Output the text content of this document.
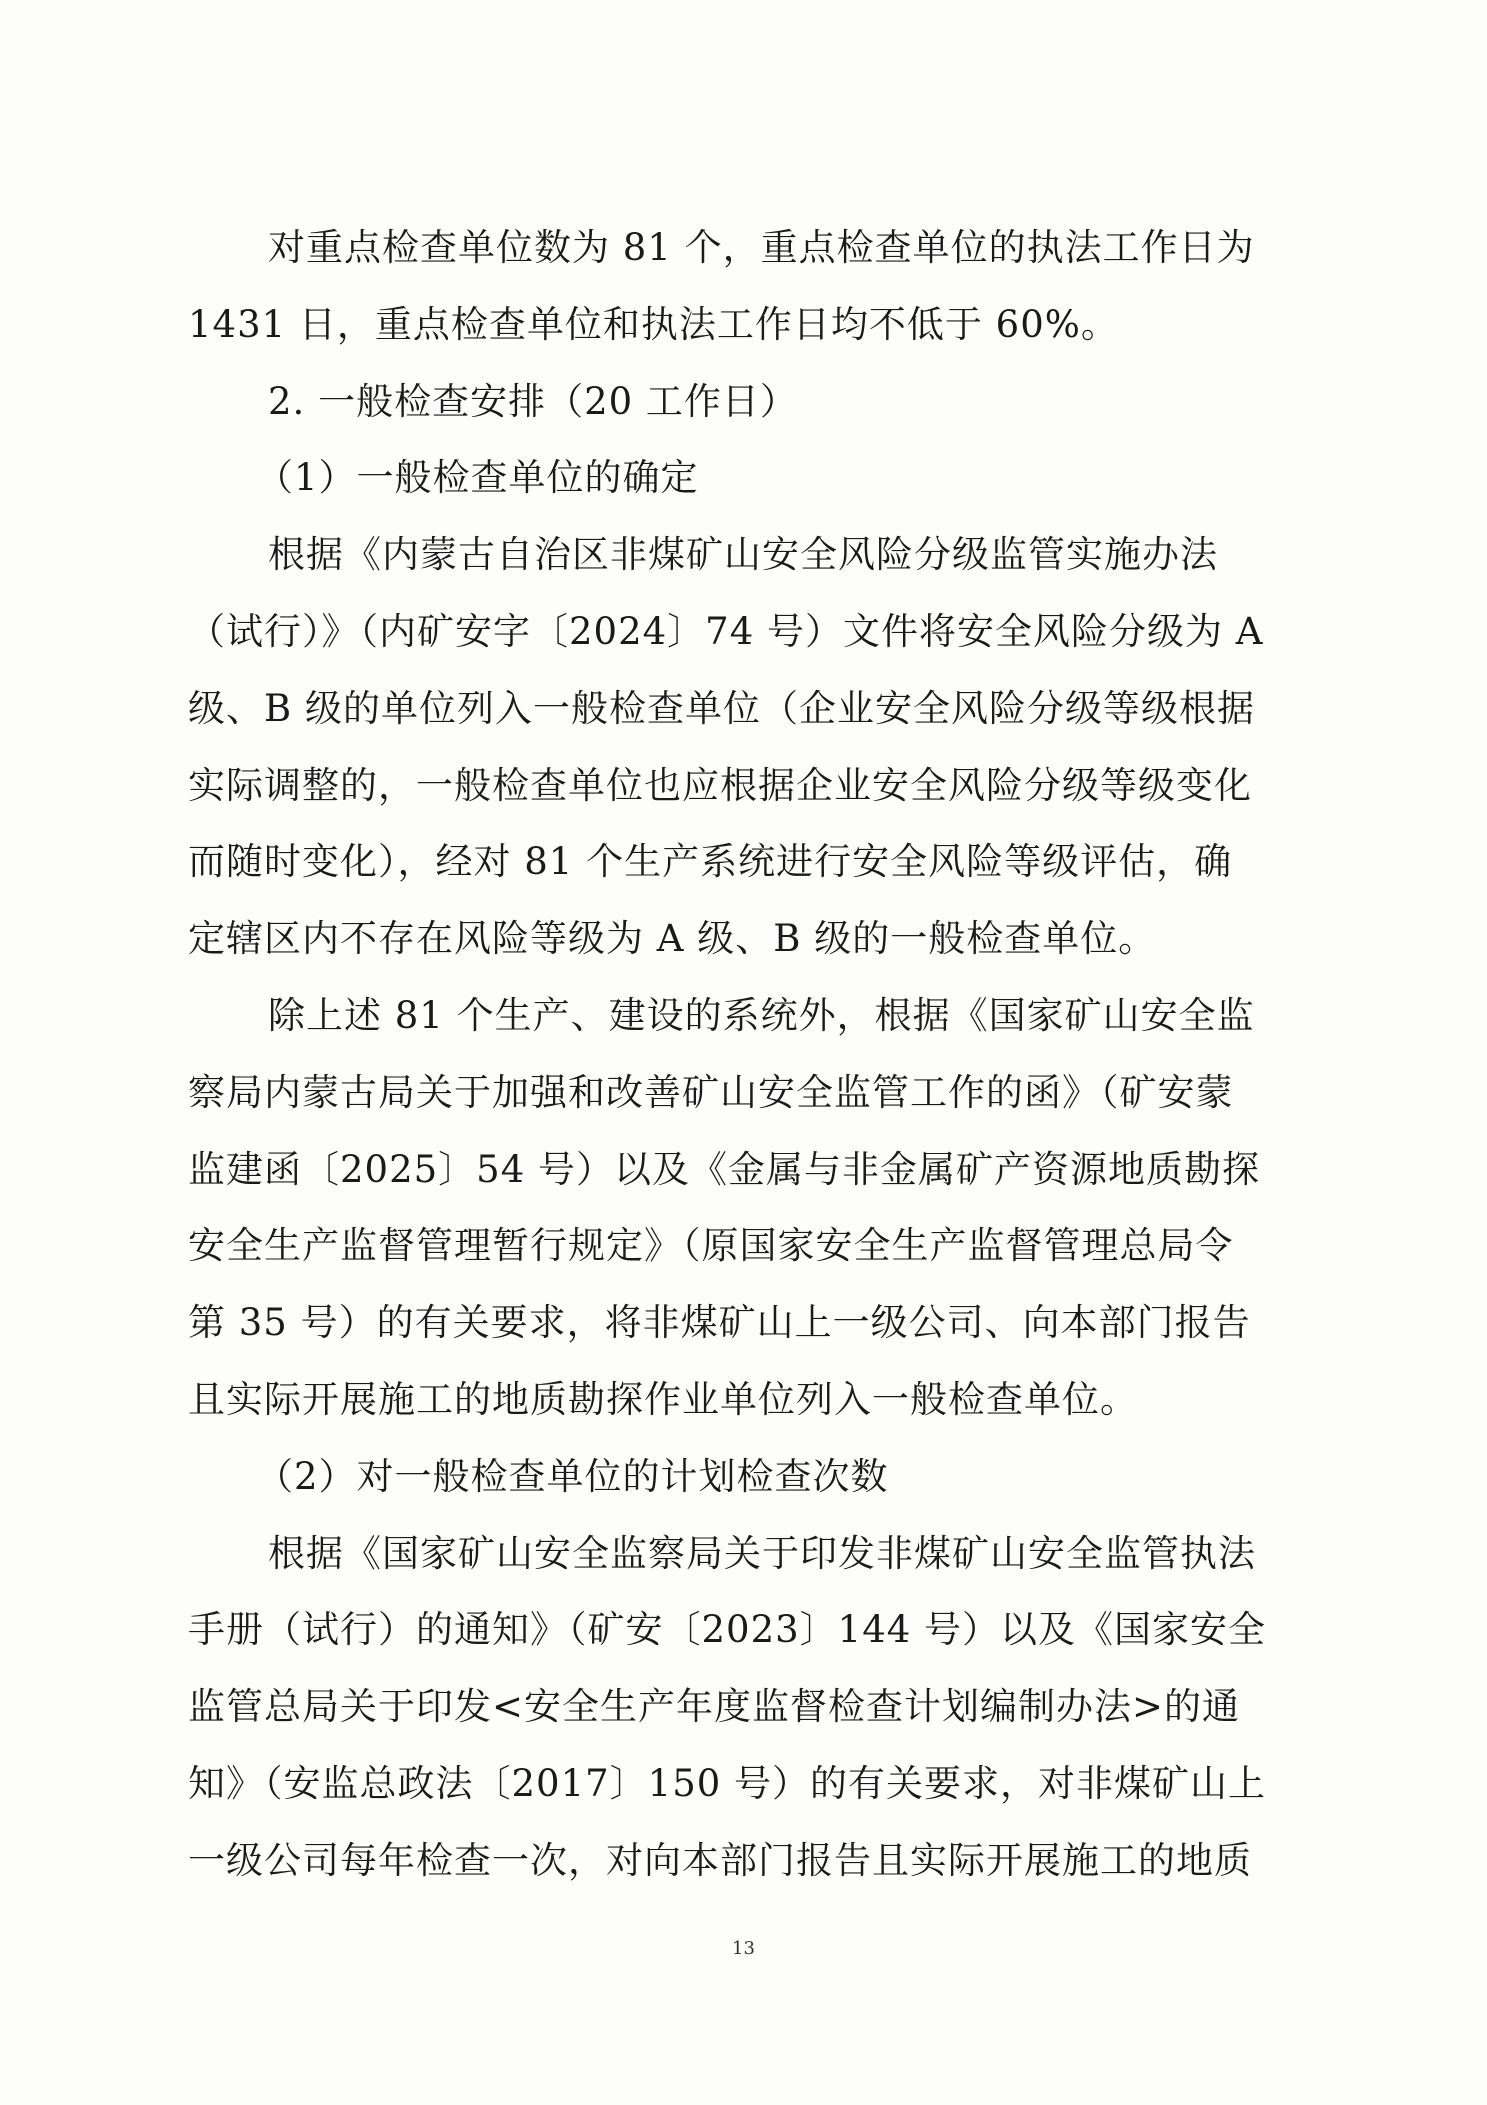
对重点检查单位数为 81 个，重点检查单位的执法工作日为
1431 日，重点检查单位和执法工作日均不低于 60%。
2. 一般检查安排（20 工作日）
（1）一般检查单位的确定
根据《内蒙古自治区非煤矿山安全风险分级监管实施办法
（试行）》（内矿安字〔2024〕74 号）文件将安全风险分级为 A
级、B 级的单位列入一般检查单位（企业安全风险分级等级根据
实际调整的，一般检查单位也应根据企业安全风险分级等级变化
而随时变化），经对 81 个生产系统进行安全风险等级评估，确
定辖区内不存在风险等级为 A 级、B 级的一般检查单位。
除上述 81 个生产、建设的系统外，根据《国家矿山安全监
察局内蒙古局关于加强和改善矿山安全监管工作的函》（矿安蒙
监建函〔2025〕54 号）以及《金属与非金属矿产资源地质勘探
安全生产监督管理暂行规定》（原国家安全生产监督管理总局令
第 35 号）的有关要求，将非煤矿山上一级公司、向本部门报告
且实际开展施工的地质勘探作业单位列入一般检查单位。
（2）对一般检查单位的计划检查次数
根据《国家矿山安全监察局关于印发非煤矿山安全监管执法
手册（试行）的通知》（矿安〔2023〕144 号）以及《国家安全
监管总局关于印发<安全生产年度监督检查计划编制办法>的通
知》（安监总政法〔2017〕150 号）的有关要求，对非煤矿山上
一级公司每年检查一次，对向本部门报告且实际开展施工的地质
13
